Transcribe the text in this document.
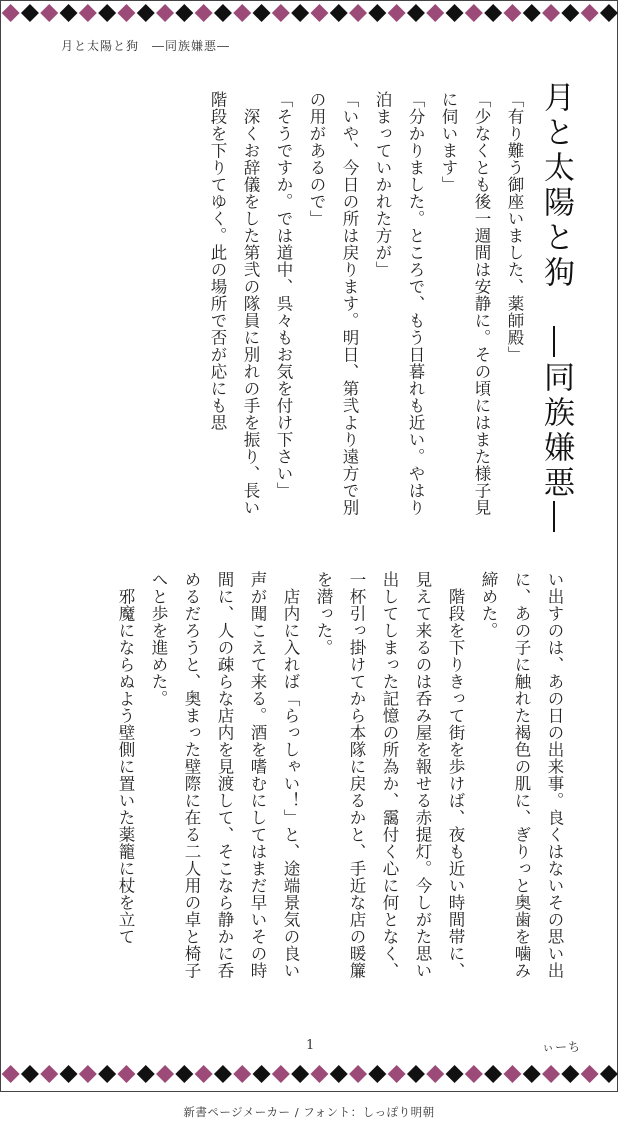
月と太陽と狗　―同族嫌悪―
月と太陽と狗　―同族嫌悪―

「有り難う御座いました、薬師殿」

「少なくとも後一週間は安静に。その頃にはまた様子見に伺います」

「分かりました。ところで、もう日暮れも近い。やはり泊まっていかれた方が」

「いや、今日の所は戻ります。明日、第弐より遠方で別の用があるので」

「そうですか。では道中、呉々もお気を付け下さい」

　深くお辞儀をした第弐の隊員に別れの手を振り、長い階段を下りてゆく。此の場所で否が応にも思

い出すのは、あの日の出来事。良くはないその思い出に、あの子に触れた褐色の肌に、ぎりっと奥歯を噛み締めた。

　階段を下りきって街を歩けば、夜も近い時間帯に、見えて来るのは呑み屋を報せる赤提灯。今しがた思い出してしまった記憶の所為か、靄付く心に何となく、一杯引っ掛けてから本隊に戻るかと、手近な店の暖簾を潜った。

　店内に入れば「らっしゃい！」と、途端景気の良い声が聞こえて来る。酒を嗜むにしてはまだ早いその時間に、人の疎らな店内を見渡して、そこなら静かに呑めるだろうと、奥まった壁際に在る二人用の卓と椅子へと歩を進めた。

　邪魔にならぬよう壁側に置いた薬籠に杖を立て

1	ぃーち
新書ページメーカー / フォント：しっぽり明朝
